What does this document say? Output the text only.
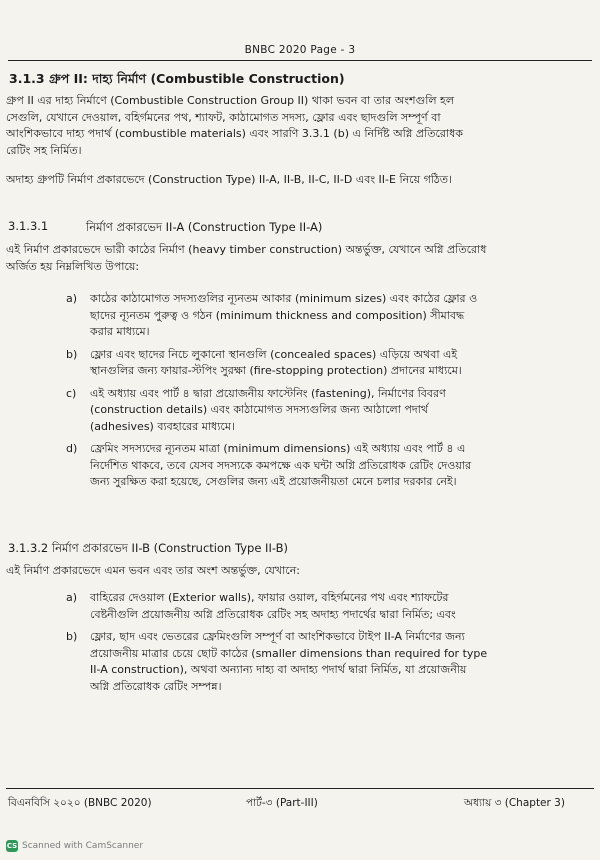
BNBC 2020 Page - 3
3.1.3 গ্রুপ II: দাহ্য নির্মাণ (Combustible Construction)
গ্রুপ II এর দাহ্য নির্মাণে (Combustible Construction Group II) থাকা ভবন বা তার অংশগুলি হল
সেগুলি, যেখানে দেওয়াল, বহির্গমনের পথ, শ্যাফট, কাঠামোগত সদস্য, ফ্লোর এবং ছাদগুলি সম্পূর্ণ বা
আংশিকভাবে দাহ্য পদার্থ (combustible materials) এবং সারণি 3.3.1 (b) এ নির্দিষ্ট অগ্নি প্রতিরোধক
রেটিং সহ নির্মিত।
অদাহ্য গ্রুপটি নির্মাণ প্রকারভেদে (Construction Type) II-A, II-B, II-C, II-D এবং II-E নিয়ে গঠিত।
3.1.3.1	নির্মাণ প্রকারভেদ II-A (Construction Type II-A)
এই নির্মাণ প্রকারভেদে ভারী কাঠের নির্মাণ (heavy timber construction) অন্তর্ভুক্ত, যেখানে অগ্নি প্রতিরোধ
অর্জিত হয় নিম্নলিখিত উপায়ে:
a) কাঠের কাঠামোগত সদস্যগুলির ন্যূনতম আকার (minimum sizes) এবং কাঠের ফ্লোর ও
ছাদের ন্যূনতম পুরুত্ব ও গঠন (minimum thickness and composition) সীমাবদ্ধ
করার মাধ্যমে।
b) ফ্লোর এবং ছাদের নিচে লুকানো স্থানগুলি (concealed spaces) এড়িয়ে অথবা এই
স্থানগুলির জন্য ফায়ার-স্টপিং সুরক্ষা (fire-stopping protection) প্রদানের মাধ্যমে।
c) এই অধ্যায় এবং পার্ট ৪ দ্বারা প্রয়োজনীয় ফাস্টেনিং (fastening), নির্মাণের বিবরণ
(construction details) এবং কাঠামোগত সদস্যগুলির জন্য আঠালো পদার্থ
(adhesives) ব্যবহারের মাধ্যমে।
d) ফ্রেমিং সদস্যদের ন্যূনতম মাত্রা (minimum dimensions) এই অধ্যায় এবং পার্ট ৪ এ
নির্দেশিত থাকবে, তবে যেসব সদস্যকে কমপক্ষে এক ঘন্টা অগ্নি প্রতিরোধক রেটিং দেওয়ার
জন্য সুরক্ষিত করা হয়েছে, সেগুলির জন্য এই প্রয়োজনীয়তা মেনে চলার দরকার নেই।
3.1.3.2 নির্মাণ প্রকারভেদ II-B (Construction Type II-B)
এই নির্মাণ প্রকারভেদে এমন ভবন এবং তার অংশ অন্তর্ভুক্ত, যেখানে:
a) বাহিরের দেওয়াল (Exterior walls), ফায়ার ওয়াল, বহির্গমনের পথ এবং শ্যাফটের
বেষ্টনীগুলি প্রয়োজনীয় অগ্নি প্রতিরোধক রেটিং সহ অদাহ্য পদার্থের দ্বারা নির্মিত; এবং
b) ফ্লোর, ছাদ এবং ভেতরের ফ্রেমিংগুলি সম্পূর্ণ বা আংশিকভাবে টাইপ II-A নির্মাণের জন্য
প্রয়োজনীয় মাত্রার চেয়ে ছোট কাঠের (smaller dimensions than required for type
II-A construction), অথবা অন্যান্য দাহ্য বা অদাহ্য পদার্থ দ্বারা নির্মিত, যা প্রয়োজনীয়
অগ্নি প্রতিরোধক রেটিং সম্পন্ন।
বিএনবিসি ২০২০ (BNBC 2020)	পার্ট-৩ (Part-III)	অধ্যায় ৩ (Chapter 3)
CS Scanned with CamScanner
